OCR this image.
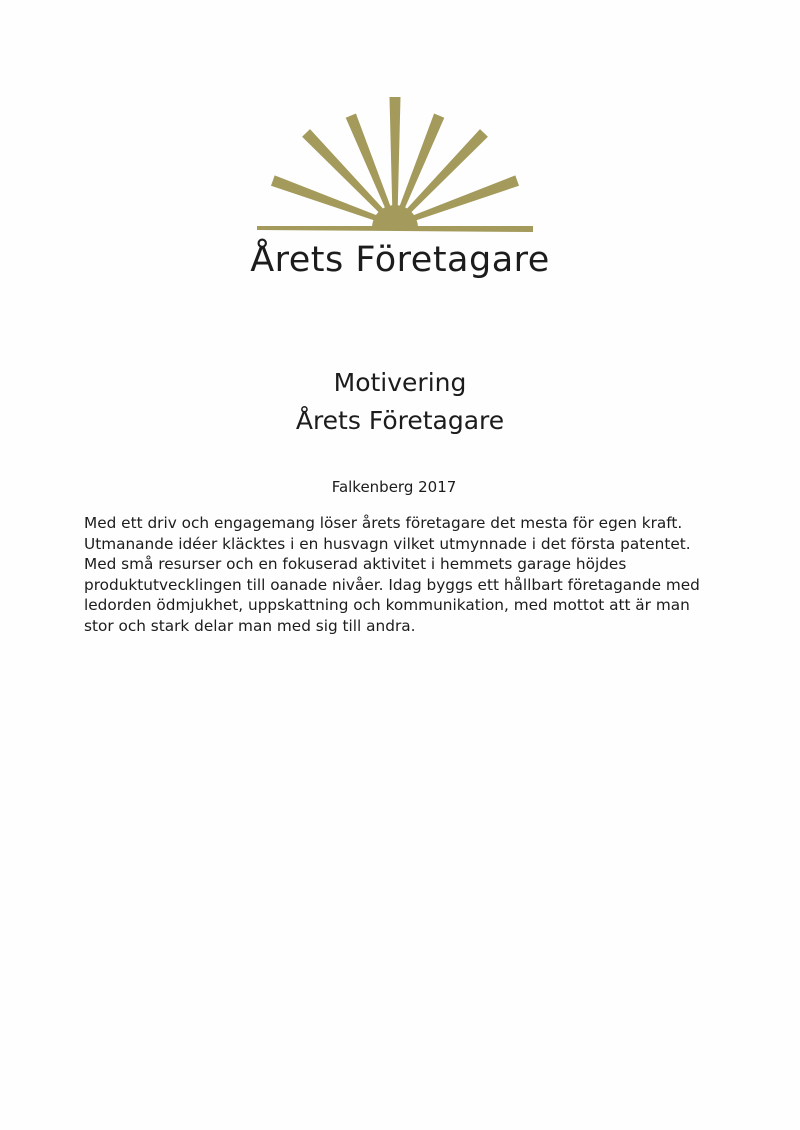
Årets Företagare
Motivering
Årets Företagare
Falkenberg 2017
Med ett driv och engagemang löser årets företagare det mesta för egen kraft.
Utmanande idéer kläcktes i en husvagn vilket utmynnade i det första patentet.
Med små resurser och en fokuserad aktivitet i hemmets garage höjdes
produktutvecklingen till oanade nivåer. Idag byggs ett hållbart företagande med
ledorden ödmjukhet, uppskattning och kommunikation, med mottot att är man
stor och stark delar man med sig till andra.
